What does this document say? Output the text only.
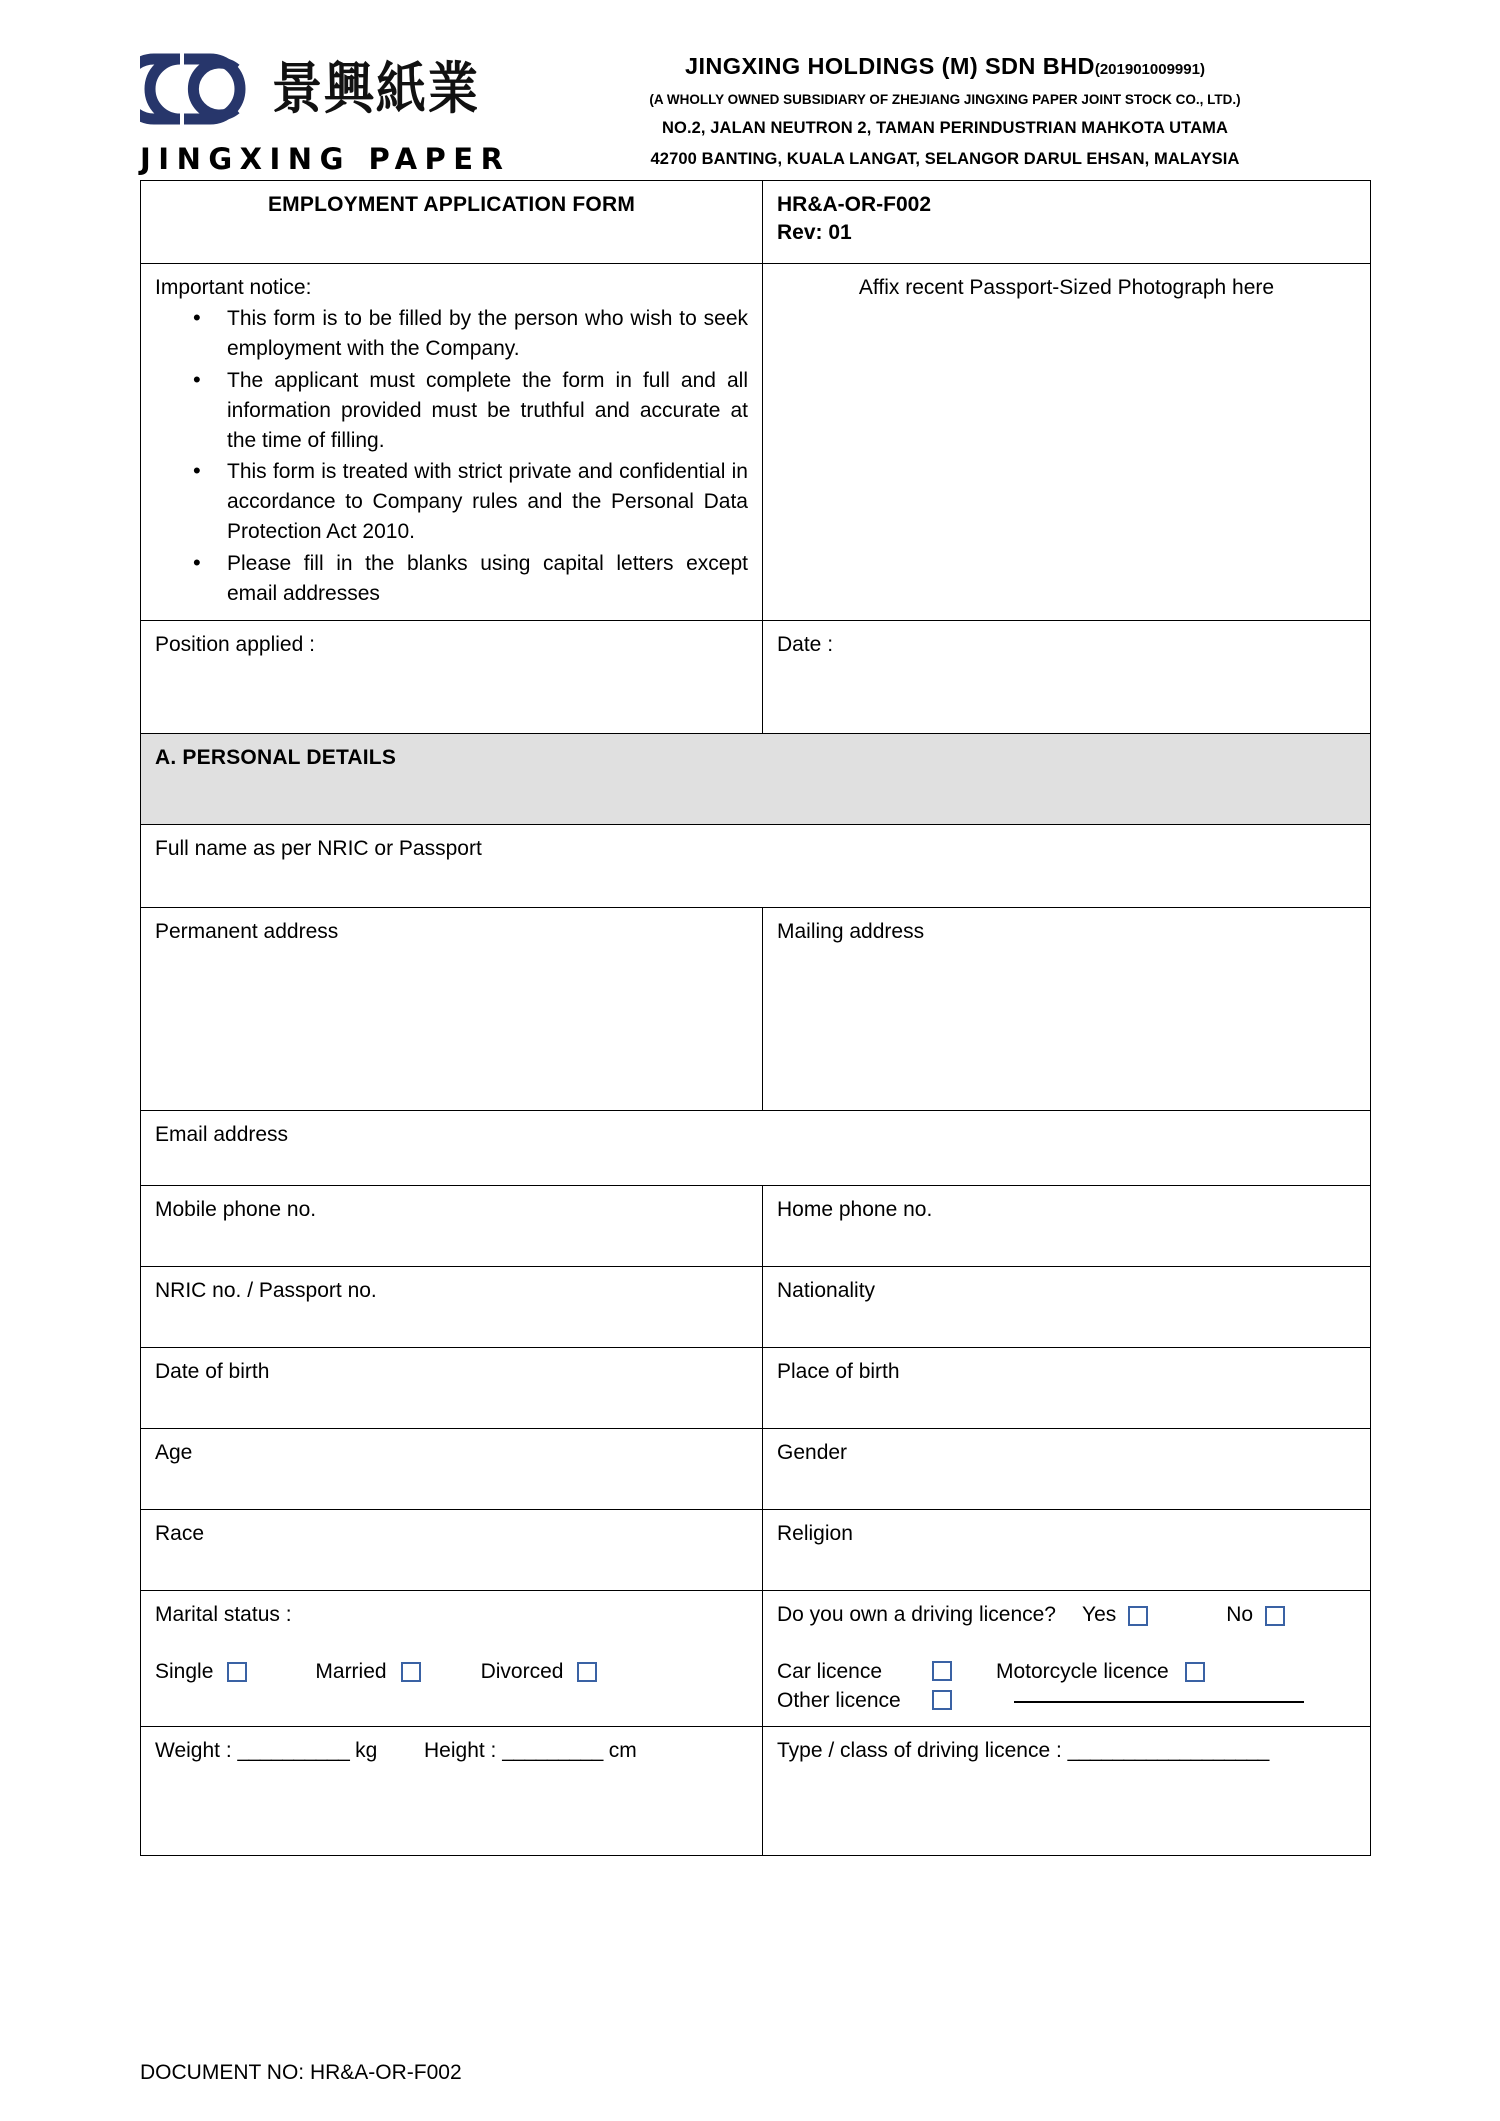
景興紙業
JINGXING PAPER
JINGXING HOLDINGS (M) SDN BHD(201901009991)
(A WHOLLY OWNED SUBSIDIARY OF ZHEJIANG JINGXING PAPER JOINT STOCK CO., LTD.)
NO.2, JALAN NEUTRON 2, TAMAN PERINDUSTRIAN MAHKOTA UTAMA
42700 BANTING, KUALA LANGAT, SELANGOR DARUL EHSAN, MALAYSIA
EMPLOYMENT APPLICATION FORM	HR&A-OR-F002
Rev: 01

Important notice:
• This form is to be filled by the person who wish to seek employment with the Company.
• The applicant must complete the form in full and all information provided must be truthful and accurate at the time of filling.
• This form is treated with strict private and confidential in accordance to Company rules and the Personal Data Protection Act 2010.
• Please fill in the blanks using capital letters except email addresses
	Affix recent Passport-Sized Photograph here
Position applied :	Date :
A. PERSONAL DETAILS	
Full name as per NRIC or Passport	
Permanent address	Mailing address
Email address	
Mobile phone no.	Home phone no.
NRIC no. / Passport no.	Nationality
Date of birth	Place of birth
Age	Gender
Race	Religion

Marital status :
Single	Married	Divorced

Do you own a driving licence? Yes	No
Car licence	Motorcycle licence
Other licence

Weight : __________ kg Height : _________ cm	Type / class of driving licence : __________________
DOCUMENT NO: HR&A-OR-F002
